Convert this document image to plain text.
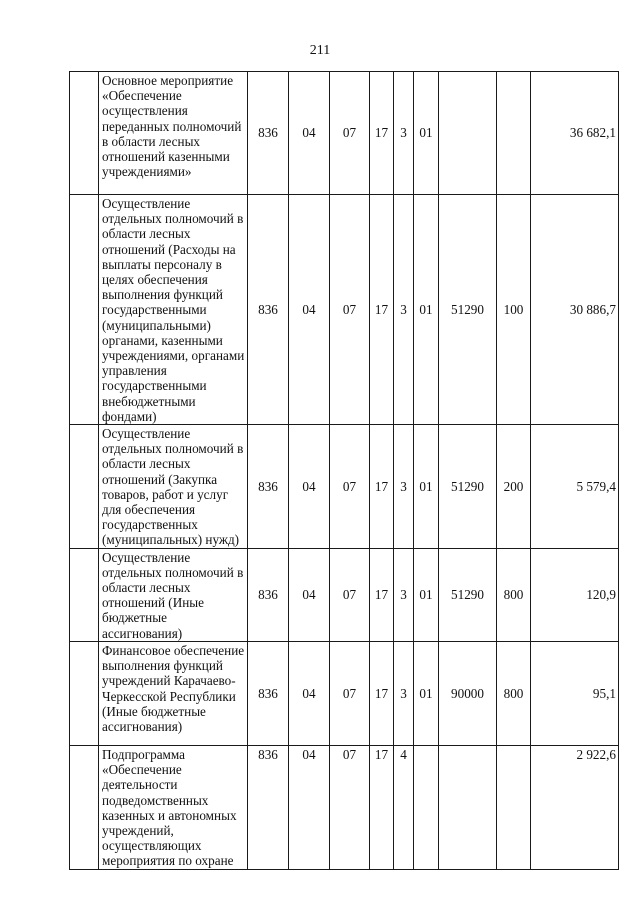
211
	Основное мероприятие «Обеспечение осуществления переданных полномочий в области лесных отношений казенными учреждениями»	836	04	07	17	3	01			36 682,1
	Осуществление отдельных полномочий в области лесных отношений (Расходы на выплаты персоналу в целях обеспечения выполнения функций государственными (муниципальными) органами, казенными учреждениями, органами управления государственными внебюджетными фондами)	836	04	07	17	3	01	51290	100	30 886,7
	Осуществление отдельных полномочий в области лесных отношений (Закупка товаров, работ и услуг для обеспечения государственных (муниципальных) нужд)	836	04	07	17	3	01	51290	200	5 579,4
	Осуществление отдельных полномочий в области лесных отношений (Иные бюджетные ассигнования)	836	04	07	17	3	01	51290	800	120,9
	Финансовое обеспечение выполнения функций учреждений Карачаево-Черкесской Республики (Иные бюджетные ассигнования)	836	04	07	17	3	01	90000	800	95,1
	Подпрограмма «Обеспечение деятельности подведомственных казенных и автономных учреждений, осуществляющих мероприятия по охране	836	04	07	17	4				2 922,6
